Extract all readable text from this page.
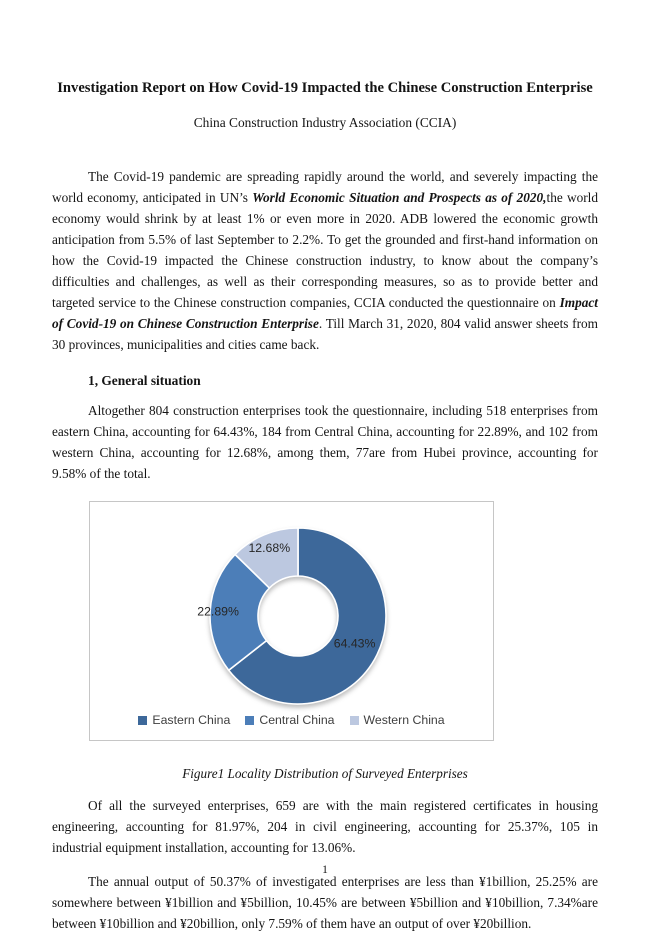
Investigation Report on How Covid-19 Impacted the Chinese Construction Enterprise
China Construction Industry Association (CCIA)

The Covid-19 pandemic are spreading rapidly around the world, and severely impacting the world economy, anticipated in UN’s World Economic Situation and Prospects as of 2020,the world economy would shrink by at least 1% or even more in 2020. ADB lowered the economic growth anticipation from 5.5% of last September to 2.2%. To get the grounded and first-hand information on how the Covid-19 impacted the Chinese construction industry, to know about the company’s difficulties and challenges, as well as their corresponding measures, so as to provide better and targeted service to the Chinese construction companies, CCIA conducted the questionnaire on Impact of Covid-19 on Chinese Construction Enterprise. Till March 31, 2020, 804 valid answer sheets from 30 provinces, municipalities and cities came back.

1, General situation

Altogether 804 construction enterprises took the questionnaire, including 518 enterprises from eastern China, accounting for 64.43%, 184 from Central China, accounting for 22.89%, and 102 from western China, accounting for 12.68%, among them, 77are from Hubei province, accounting for 9.58% of the total.

64.43%
22.89%
12.68%
Eastern China Central China Western China
Figure1 Locality Distribution of Surveyed Enterprises

Of all the surveyed enterprises, 659 are with the main registered certificates in housing engineering, accounting for 81.97%, 204 in civil engineering, accounting for 25.37%, 105 in industrial equipment installation, accounting for 13.06%.

The annual output of 50.37% of investigated enterprises are less than ¥1billion, 25.25% are somewhere between ¥1billion and ¥5billion, 10.45% are between ¥5billion and ¥10billion, 7.34%are between ¥10billion and ¥20billion, only 7.59% of them have an output of over ¥20billion.

1
